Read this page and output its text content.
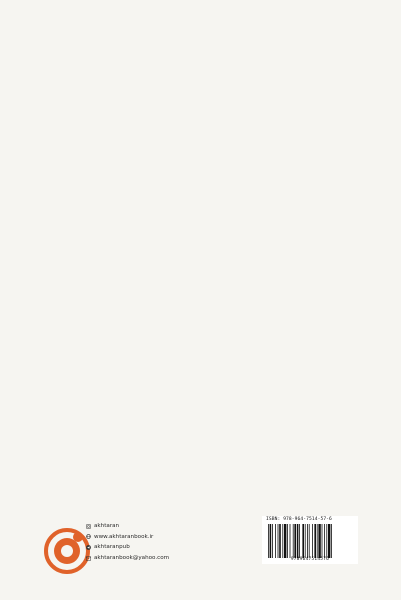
akhtaran
www.akhtaranbook.ir
akhtaranpub
akhtaranbook@yahoo.com
ISBN: 978-964-7514-57-6
9789647514576
